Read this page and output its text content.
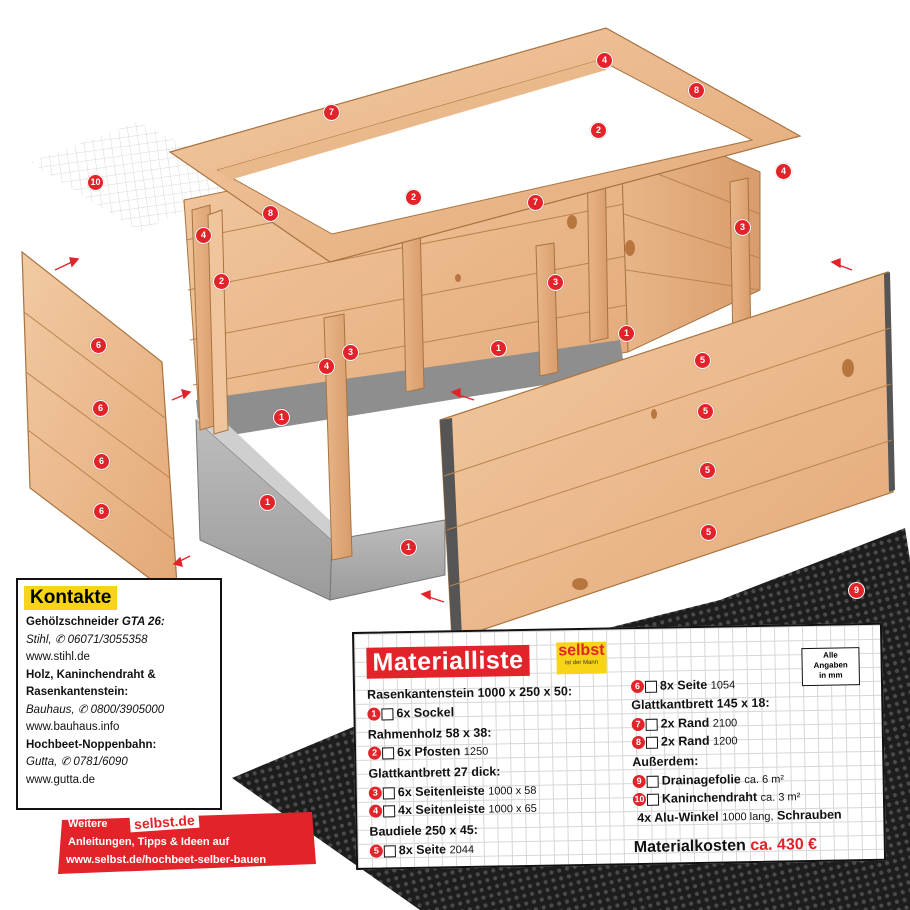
10
7
4
8
2
4
2	7
8
3
4
2	3
1
6	1
3
5
4
6	5
1
6
5
1
6
5
1
9
Kontakte
Gehölzschneider GTA 26:
Stihl, ✆ 06071/3055358
www.stihl.de
Holz, Kaninchendraht &
Rasenkantenstein:
Bauhaus, ✆ 0800/3905000
www.bauhaus.info
Hochbeet-Noppenbahn:
Gutta, ✆ 0781/6090
www.gutta.de
Weitere selbst.de
Anleitungen, Tipps & Ideen auf
www.selbst.de/hochbeet-selber-bauen
Materialliste	selbst
ist der Mann
Alle
Angaben
in mm
Rasenkantenstein 1000 x 250 x 50:
1 6x Sockel
Rahmenholz 58 x 38:
2 6x Pfosten 1250
Glattkantbrett 27 dick:
3 6x Seitenleiste 1000 x 58
4 4x Seitenleiste 1000 x 65
Baudiele 250 x 45:
5 8x Seite 2044
6 8x Seite 1054
Glattkantbrett 145 x 18:
7 2x Rand 2100
8 2x Rand 1200
Außerdem:
9 Drainagefolie ca. 6 m²
10 Kaninchendraht ca. 3 m²
4x Alu-Winkel 1000 lang, Schrauben
Materialkosten ca. 430 €
